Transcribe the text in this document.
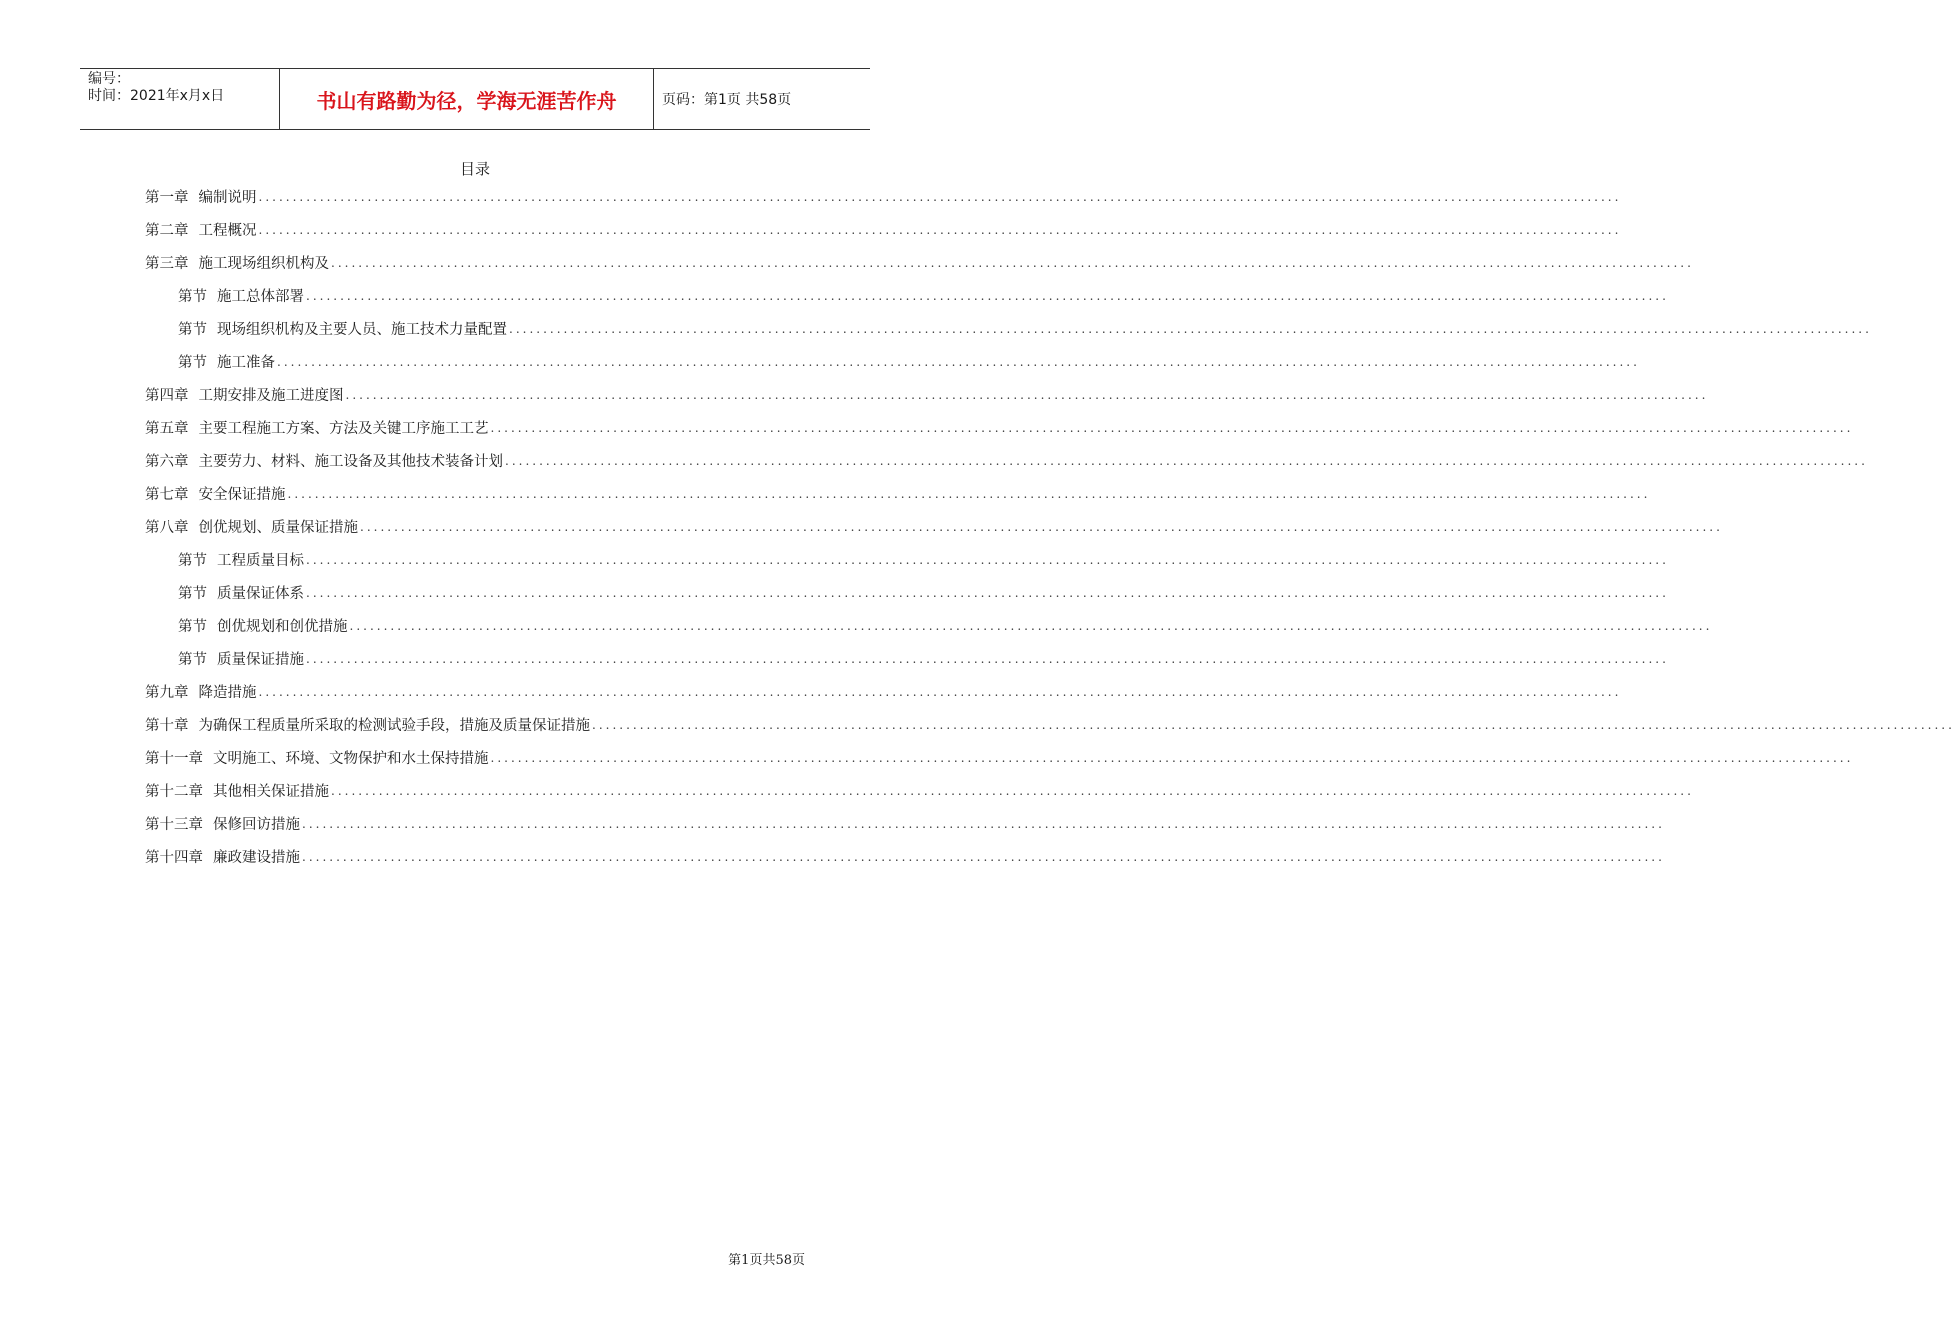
编号：
时间：2021年x月x日	书山有路勤为径，学海无涯苦作舟	页码：第1页 共58页
目录
第一章 编制说明 ........................................................................................................................................................................................................
第二章 工程概况 ........................................................................................................................................................................................................
第三章 施工现场组织机构及 ........................................................................................................................................................................................................
第节 施工总体部署 ........................................................................................................................................................................................................
第节 现场组织机构及主要人员、施工技术力量配置 ........................................................................................................................................................................................................
第节 施工准备 ........................................................................................................................................................................................................
第四章 工期安排及施工进度图 ........................................................................................................................................................................................................
第五章 主要工程施工方案、方法及关键工序施工工艺 ........................................................................................................................................................................................................
第六章 主要劳力、材料、施工设备及其他技术装备计划 ........................................................................................................................................................................................................
第七章 安全保证措施 ........................................................................................................................................................................................................
第八章 创优规划、质量保证措施 ........................................................................................................................................................................................................
第节 工程质量目标 ........................................................................................................................................................................................................
第节 质量保证体系 ........................................................................................................................................................................................................
第节 创优规划和创优措施 ........................................................................................................................................................................................................
第节 质量保证措施 ........................................................................................................................................................................................................
第九章 降造措施 ........................................................................................................................................................................................................
第十章 为确保工程质量所采取的检测试验手段，措施及质量保证措施 ........................................................................................................................................................................................................
第十一章 文明施工、环境、文物保护和水土保持措施 ........................................................................................................................................................................................................
第十二章 其他相关保证措施 ........................................................................................................................................................................................................
第十三章 保修回访措施 ........................................................................................................................................................................................................
第十四章 廉政建设措施 ........................................................................................................................................................................................................
第1页共58页
